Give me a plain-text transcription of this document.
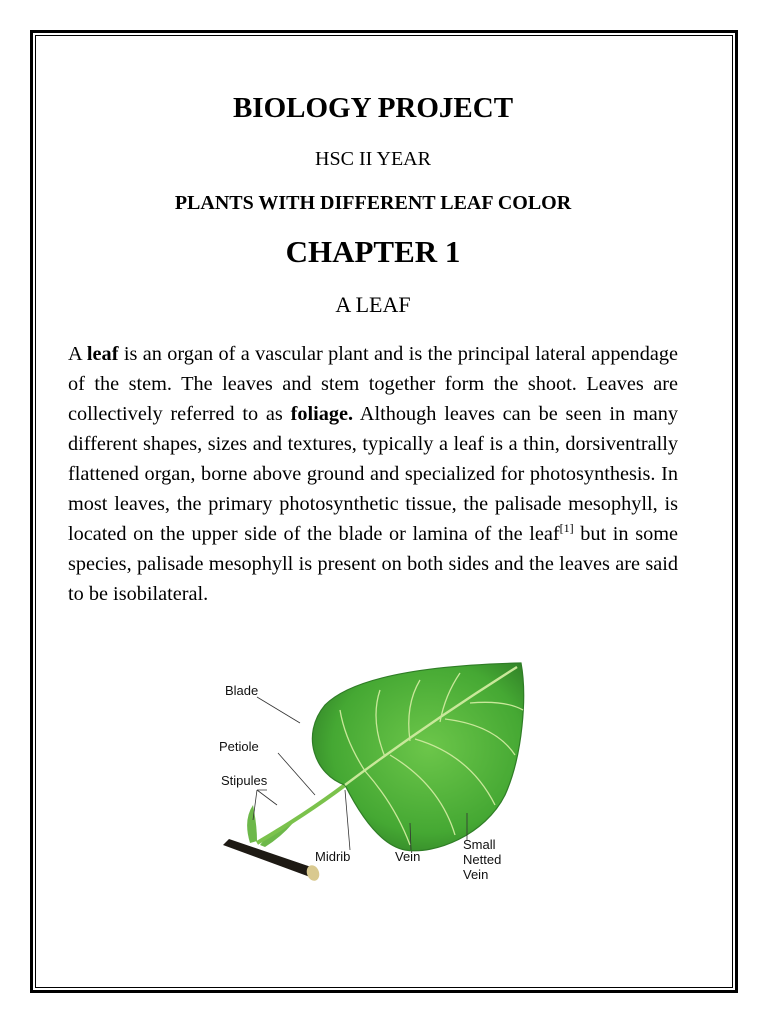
BIOLOGY PROJECT

HSC II YEAR

PLANTS WITH DIFFERENT LEAF COLOR

CHAPTER 1

A LEAF

A leaf is an organ of a vascular plant and is the principal lateral appendage of the stem. The leaves and stem together form the shoot. Leaves are collectively referred to as foliage. Although leaves can be seen in many different shapes, sizes and textures, typically a leaf is a thin, dorsiventrally flattened organ, borne above ground and specialized for photosynthesis. In most leaves, the primary photosynthetic tissue, the palisade mesophyll, is located on the upper side of the blade or lamina of the leaf[1] but in some species, palisade mesophyll is present on both sides and the leaves are said to be isobilateral.

Blade
Petiole
Stipules
Midrib	Vein
Small
Netted
Vein
